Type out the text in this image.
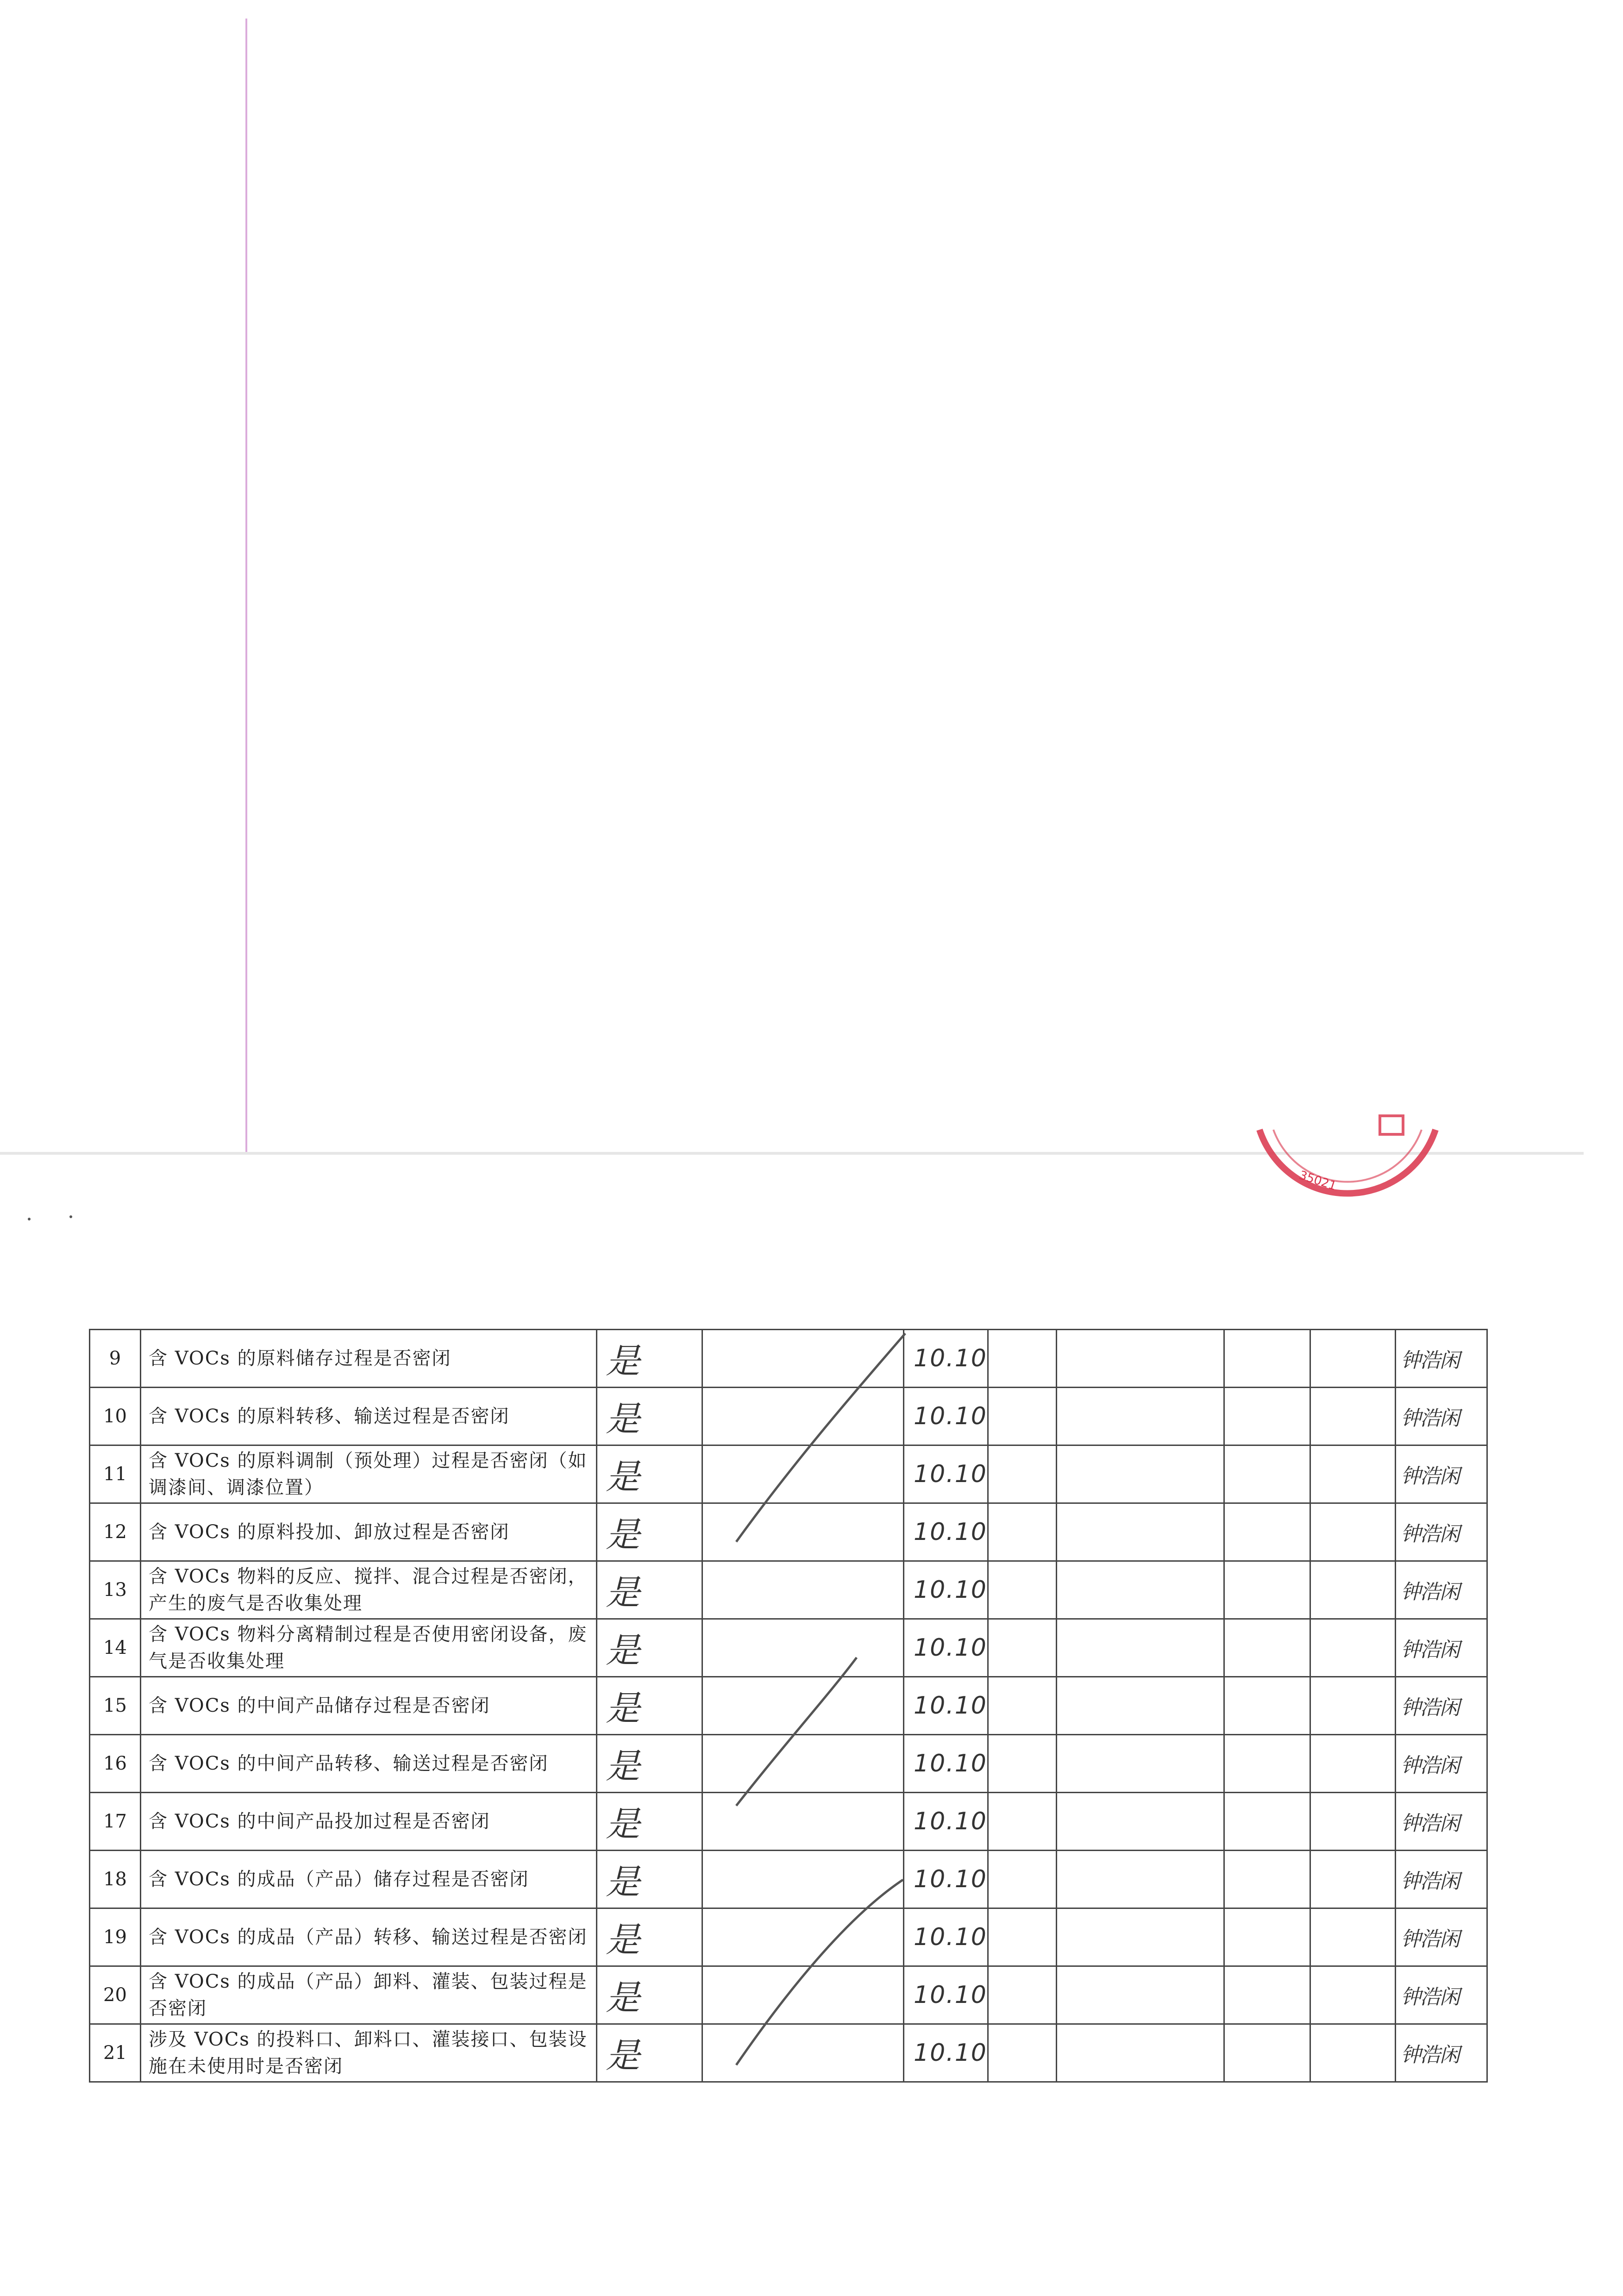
35021
9	含 VOCs 的原料储存过程是否密闭	是		10.10					钟浩闲
10	含 VOCs 的原料转移、输送过程是否密闭	是		10.10					钟浩闲
11	含 VOCs 的原料调制（预处理）过程是否密闭（如调漆间、调漆位置）	是		10.10					钟浩闲
12	含 VOCs 的原料投加、卸放过程是否密闭	是		10.10					钟浩闲
13	含 VOCs 物料的反应、搅拌、混合过程是否密闭，产生的废气是否收集处理	是		10.10					钟浩闲
14	含 VOCs 物料分离精制过程是否使用密闭设备，废气是否收集处理	是		10.10					钟浩闲
15	含 VOCs 的中间产品储存过程是否密闭	是		10.10					钟浩闲
16	含 VOCs 的中间产品转移、输送过程是否密闭	是		10.10					钟浩闲
17	含 VOCs 的中间产品投加过程是否密闭	是		10.10					钟浩闲
18	含 VOCs 的成品（产品）储存过程是否密闭	是		10.10					钟浩闲
19	含 VOCs 的成品（产品）转移、输送过程是否密闭	是		10.10					钟浩闲
20	含 VOCs 的成品（产品）卸料、灌装、包装过程是否密闭	是		10.10					钟浩闲
21	涉及 VOCs 的投料口、卸料口、灌装接口、包装设施在未使用时是否密闭	是		10.10					钟浩闲
